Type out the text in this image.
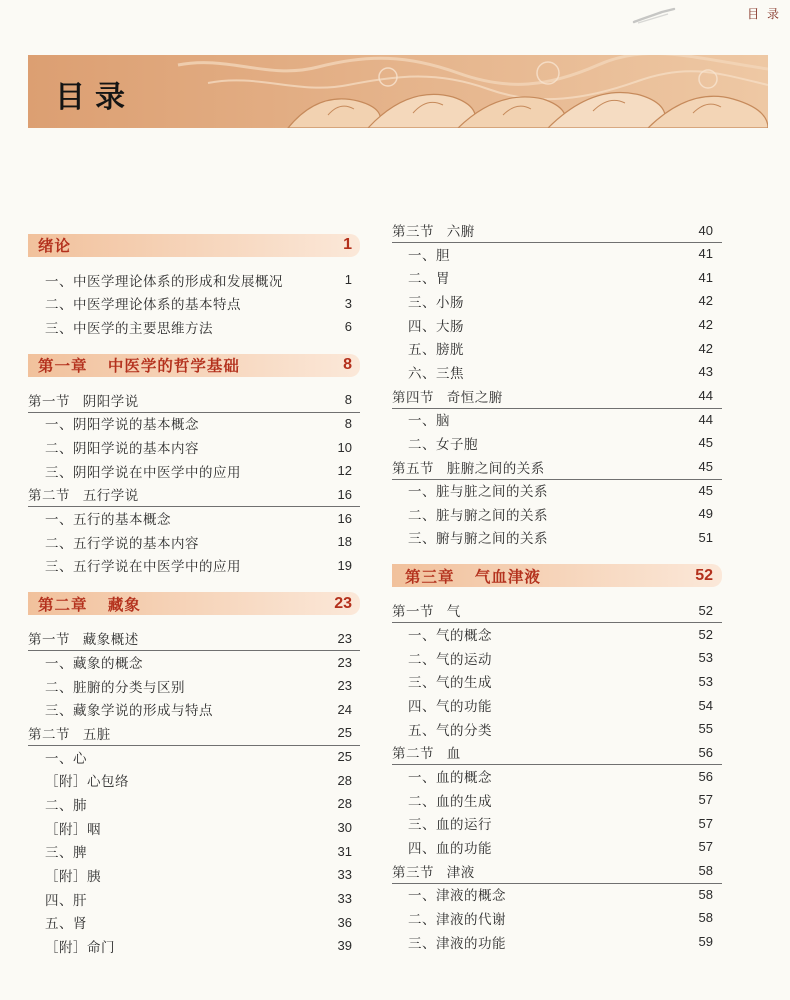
目 录
目录
绪论	1
一、中医学理论体系的形成和发展概况	1
二、中医学理论体系的基本特点	3
三、中医学的主要思维方法	6
第一章 中医学的哲学基础	8
第一节 阴阳学说	8
一、阴阳学说的基本概念	8
二、阴阳学说的基本内容	10
三、阴阳学说在中医学中的应用	12
第二节 五行学说	16
一、五行的基本概念	16
二、五行学说的基本内容	18
三、五行学说在中医学中的应用	19
第二章 藏象	23
第一节 藏象概述	23
一、藏象的概念	23
二、脏腑的分类与区别	23
三、藏象学说的形成与特点	24
第二节 五脏	25
一、心	25
［附］心包络	28
二、肺	28
［附］咽	30
三、脾	31
［附］胰	33
四、肝	33
五、肾	36
［附］命门	39
第三节 六腑	40
一、胆	41
二、胃	41
三、小肠	42
四、大肠	42
五、膀胱	42
六、三焦	43
第四节 奇恒之腑	44
一、脑	44
二、女子胞	45
第五节 脏腑之间的关系	45
一、脏与脏之间的关系	45
二、脏与腑之间的关系	49
三、腑与腑之间的关系	51
第三章 气血津液	52
第一节 气	52
一、气的概念	52
二、气的运动	53
三、气的生成	53
四、气的功能	54
五、气的分类	55
第二节 血	56
一、血的概念	56
二、血的生成	57
三、血的运行	57
四、血的功能	57
第三节 津液	58
一、津液的概念	58
二、津液的代谢	58
三、津液的功能	59
